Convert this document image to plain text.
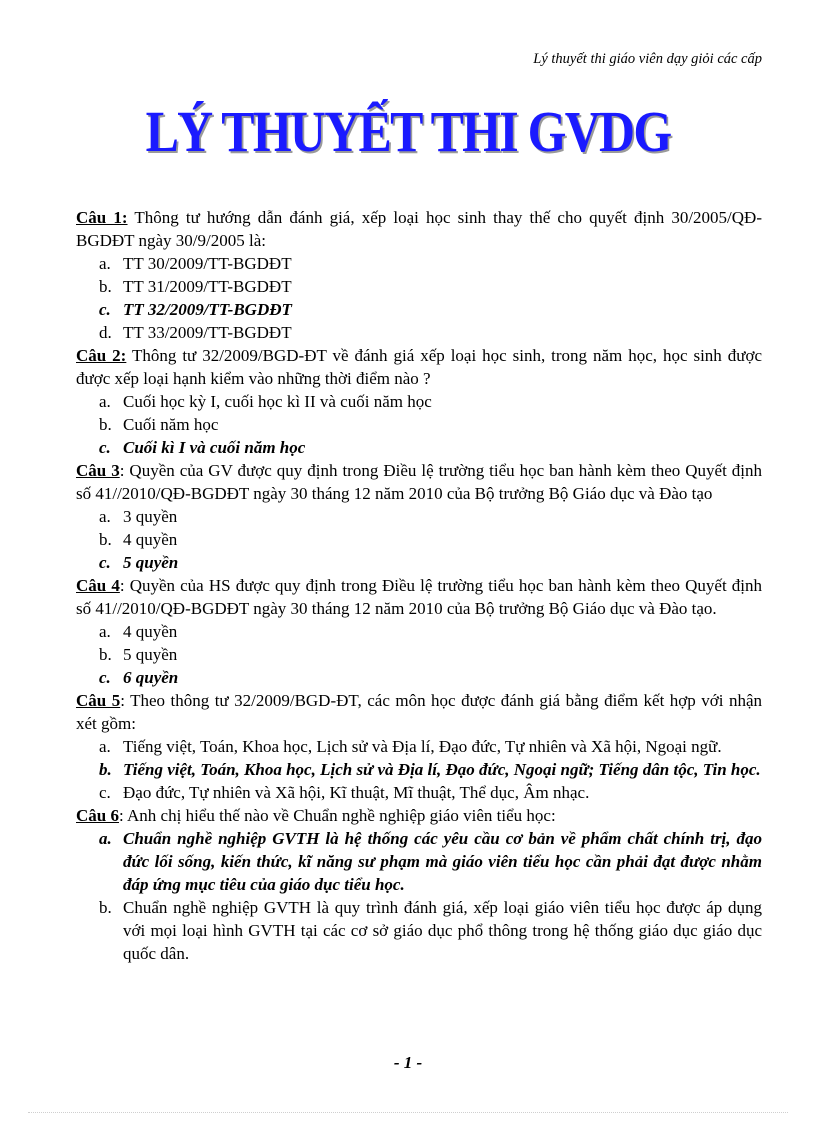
Lý thuyết thi giáo viên dạy giỏi các cấp
LÝ THUYẾT THI GVDG

Câu 1: Thông tư hướng dẫn đánh giá, xếp loại học sinh thay thế cho quyết định 30/2005/QĐ-BGDĐT ngày 30/9/2005 là:

a. TT 30/2009/TT-BGDĐT
b. TT 31/2009/TT-BGDĐT
c. TT 32/2009/TT-BGDĐT
d. TT 33/2009/TT-BGDĐT

Câu 2: Thông tư 32/2009/BGD-ĐT về đánh giá xếp loại học sinh, trong năm học, học sinh được được xếp loại hạnh kiểm vào những thời điểm nào ?

a. Cuối học kỳ I, cuối học kì II và cuối năm học
b. Cuối năm học
c. Cuối kì I và cuối năm học

Câu 3: Quyền của GV được quy định trong Điều lệ trường tiểu học ban hành kèm theo Quyết định số 41//2010/QĐ-BGDĐT ngày 30 tháng 12 năm 2010 của Bộ trưởng Bộ Giáo dục và Đào tạo

a. 3 quyền
b. 4 quyền
c. 5 quyền

Câu 4: Quyền của HS được quy định trong Điều lệ trường tiểu học ban hành kèm theo Quyết định số 41//2010/QĐ-BGDĐT ngày 30 tháng 12 năm 2010 của Bộ trưởng Bộ Giáo dục và Đào tạo.

a. 4 quyền
b. 5 quyền
c. 6 quyền

Câu 5: Theo thông tư 32/2009/BGD-ĐT, các môn học được đánh giá bằng điểm kết hợp với nhận xét gồm:

a. Tiếng việt, Toán, Khoa học, Lịch sử và Địa lí, Đạo đức, Tự nhiên và Xã hội, Ngoại ngữ.
b. Tiếng việt, Toán, Khoa học, Lịch sử và Địa lí, Đạo đức, Ngoại ngữ; Tiếng dân tộc, Tin học.
c. Đạo đức, Tự nhiên và Xã hội, Kĩ thuật, Mĩ thuật, Thể dục, Âm nhạc.

Câu 6: Anh chị hiểu thế nào về Chuẩn nghề nghiệp giáo viên tiểu học:

a. Chuẩn nghề nghiệp GVTH là hệ thống các yêu cầu cơ bản về phẩm chất chính trị, đạo đức lối sống, kiến thức, kĩ năng sư phạm mà giáo viên tiểu học cần phải đạt được nhằm đáp ứng mục tiêu của giáo dục tiểu học.
b. Chuẩn nghề nghiệp GVTH là quy trình đánh giá, xếp loại giáo viên tiểu học được áp dụng với mọi loại hình GVTH tại các cơ sở giáo dục phổ thông trong hệ thống giáo dục giáo dục quốc dân.
- 1 -
